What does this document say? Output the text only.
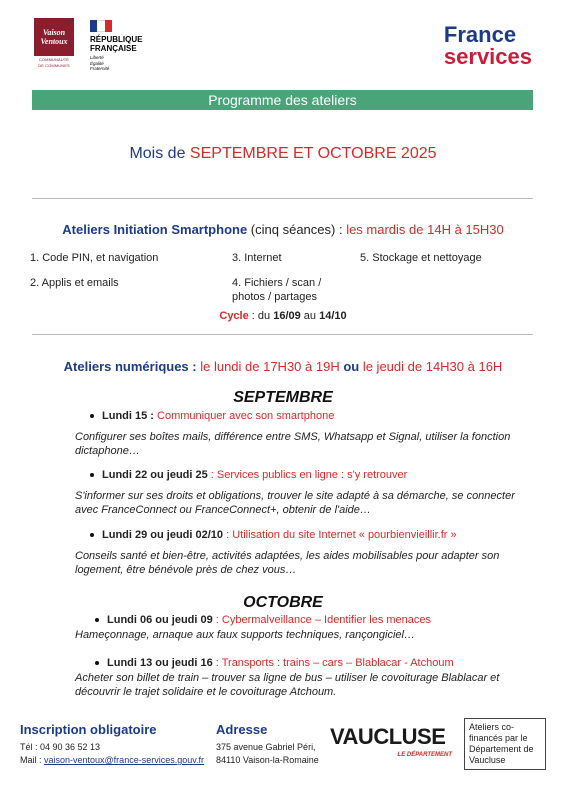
Vaison
Ventoux
COMMUNAUTÉ
DE COMMUNES
RÉPUBLIQUE
FRANÇAISE
Liberté
Égalité
Fraternité
France
services
Programme des ateliers
Mois de SEPTEMBRE ET OCTOBRE 2025
Ateliers Initiation Smartphone (cinq séances) : les mardis de 14H à 15H30
1. Code PIN, et navigation
2. Applis et emails
3. Internet
4. Fichiers / scan / photos / partages
5. Stockage et nettoyage
Cycle : du 16/09 au 14/10
Ateliers numériques : le lundi de 17H30 à 19H ou le jeudi de 14H30 à 16H
SEPTEMBRE
Lundi 15 : Communiquer avec son smartphone
Configurer ses boîtes mails, différence entre SMS, Whatsapp et Signal, utiliser la fonction dictaphone…
Lundi 22 ou jeudi 25 : Services publics en ligne : s'y retrouver
S'informer sur ses droits et obligations, trouver le site adapté à sa démarche, se connecter avec FranceConnect ou FranceConnect+, obtenir de l'aide…
Lundi 29 ou jeudi 02/10 : Utilisation du site Internet « pourbienvieillir.fr »
Conseils santé et bien-être, activités adaptées, les aides mobilisables pour adapter son logement, être bénévole près de chez vous…
OCTOBRE
Lundi 06 ou jeudi 09 : Cybermalveillance – Identifier les menaces
Hameçonnage, arnaque aux faux supports techniques, rançongiciel…
Lundi 13 ou jeudi 16 : Transports : trains – cars – Blablacar - Atchoum
Acheter son billet de train – trouver sa ligne de bus – utiliser le covoiturage Blablacar et découvrir le trajet solidaire et le covoiturage Atchoum.
Inscription obligatoire
Tél : 04 90 36 52 13
Mail : vaison-ventoux@france-services.gouv.fr
Adresse
375 avenue Gabriel Péri,
84110 Vaison-la-Romaine
VAUCLUSE
LE DÉPARTEMENT
Ateliers co-financés par le Département de Vaucluse
